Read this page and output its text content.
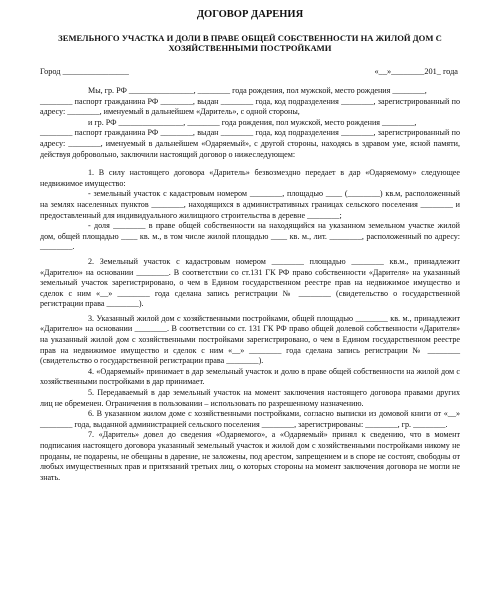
ДОГОВОР ДАРЕНИЯ
ЗЕМЕЛЬНОГО УЧАСТКА И ДОЛИ В ПРАВЕ ОБЩЕЙ СОБСТВЕННОСТИ НА ЖИЛОЙ ДОМ С ХОЗЯЙСТВЕННЫМИ ПОСТРОЙКАМИ
Город ________________	«__»________201_ года

Мы, гр. РФ ________________, ________ года рождения, пол мужской, место рождения ________,

________ паспорт гражданина РФ ________, выдан ________ года, код подразделения ________, зарегистрированный по адресу: ________, именуемый в дальнейшем «Даритель», с одной стороны,

и гр. РФ ________________, ________ года рождения, пол мужской, место рождения ________,

________ паспорт гражданина РФ ________, выдан ________ года, код подразделения ________, зарегистрированный по адресу: ________, именуемый в дальнейшем «Одаряемый», с другой стороны, находясь в здравом уме, ясной памяти, действуя добровольно, заключили настоящий договор о нижеследующем:

1. В силу настоящего договора «Даритель» безвозмездно передает в дар «Одаряемому» следующее недвижимое имущество:

- земельный участок с кадастровым номером ________, площадью ____ (________) кв.м, расположенный на землях населенных пунктов ________, находящихся в административных границах сельского поселения ________ и предоставленный для индивидуального жилищного строительства в деревне ________;

- доля ________ в праве общей собственности на находящийся на указанном земельном участке жилой дом, общей площадью ____ кв. м., в том числе жилой площадью ____ кв. м., лит. ________, расположенный по адресу: ________.

2. Земельный участок с кадастровым номером ________ площадью ________ кв.м., принадлежит «Дарителю» на основании ________. В соответствии со ст.131 ГК РФ право собственности «Дарителя» на указанный земельный участок зарегистрировано, о чем в Едином государственном реестре прав на недвижимое имущество и сделок с ним «__» ________ года сделана запись регистрации № ________ (свидетельство о государственной регистрации права ________).

3. Указанный жилой дом с хозяйственными постройками, общей площадью ________ кв. м., принадлежит «Дарителю» на основании ________. В соответствии со ст. 131 ГК РФ право общей долевой собственности «Дарителя» на указанный жилой дом с хозяйственными постройками зарегистрировано, о чем в Едином государственном реестре прав на недвижимое имущество и сделок с ним «__» ________ года сделана запись регистрации № ________ (свидетельство о государственной регистрации права ________).

4. «Одаряемый» принимает в дар земельный участок и долю в праве общей собственности на жилой дом с хозяйственными постройками в дар принимает.

5. Передаваемый в дар земельный участок на момент заключения настоящего договора правами других лиц не обременен. Ограничения в пользовании – использовать по разрешенному назначению.

6. В указанном жилом доме с хозяйственными постройками, согласно выписки из домовой книги от «__» ________ года, выданной администрацией сельского поселения ________, зарегистрированы: ________, гр. ________.

7. «Даритель» довел до сведения «Одаряемого», а «Одаряемый» принял к сведению, что в момент подписания настоящего договора указанный земельный участок и жилой дом с хозяйственными постройками никому не проданы, не подарены, не обещаны в дарение, не заложены, под арестом, запрещением и в споре не состоят, свободны от любых имущественных прав и притязаний третьих лиц, о которых стороны на момент заключения договора не могли не знать.
